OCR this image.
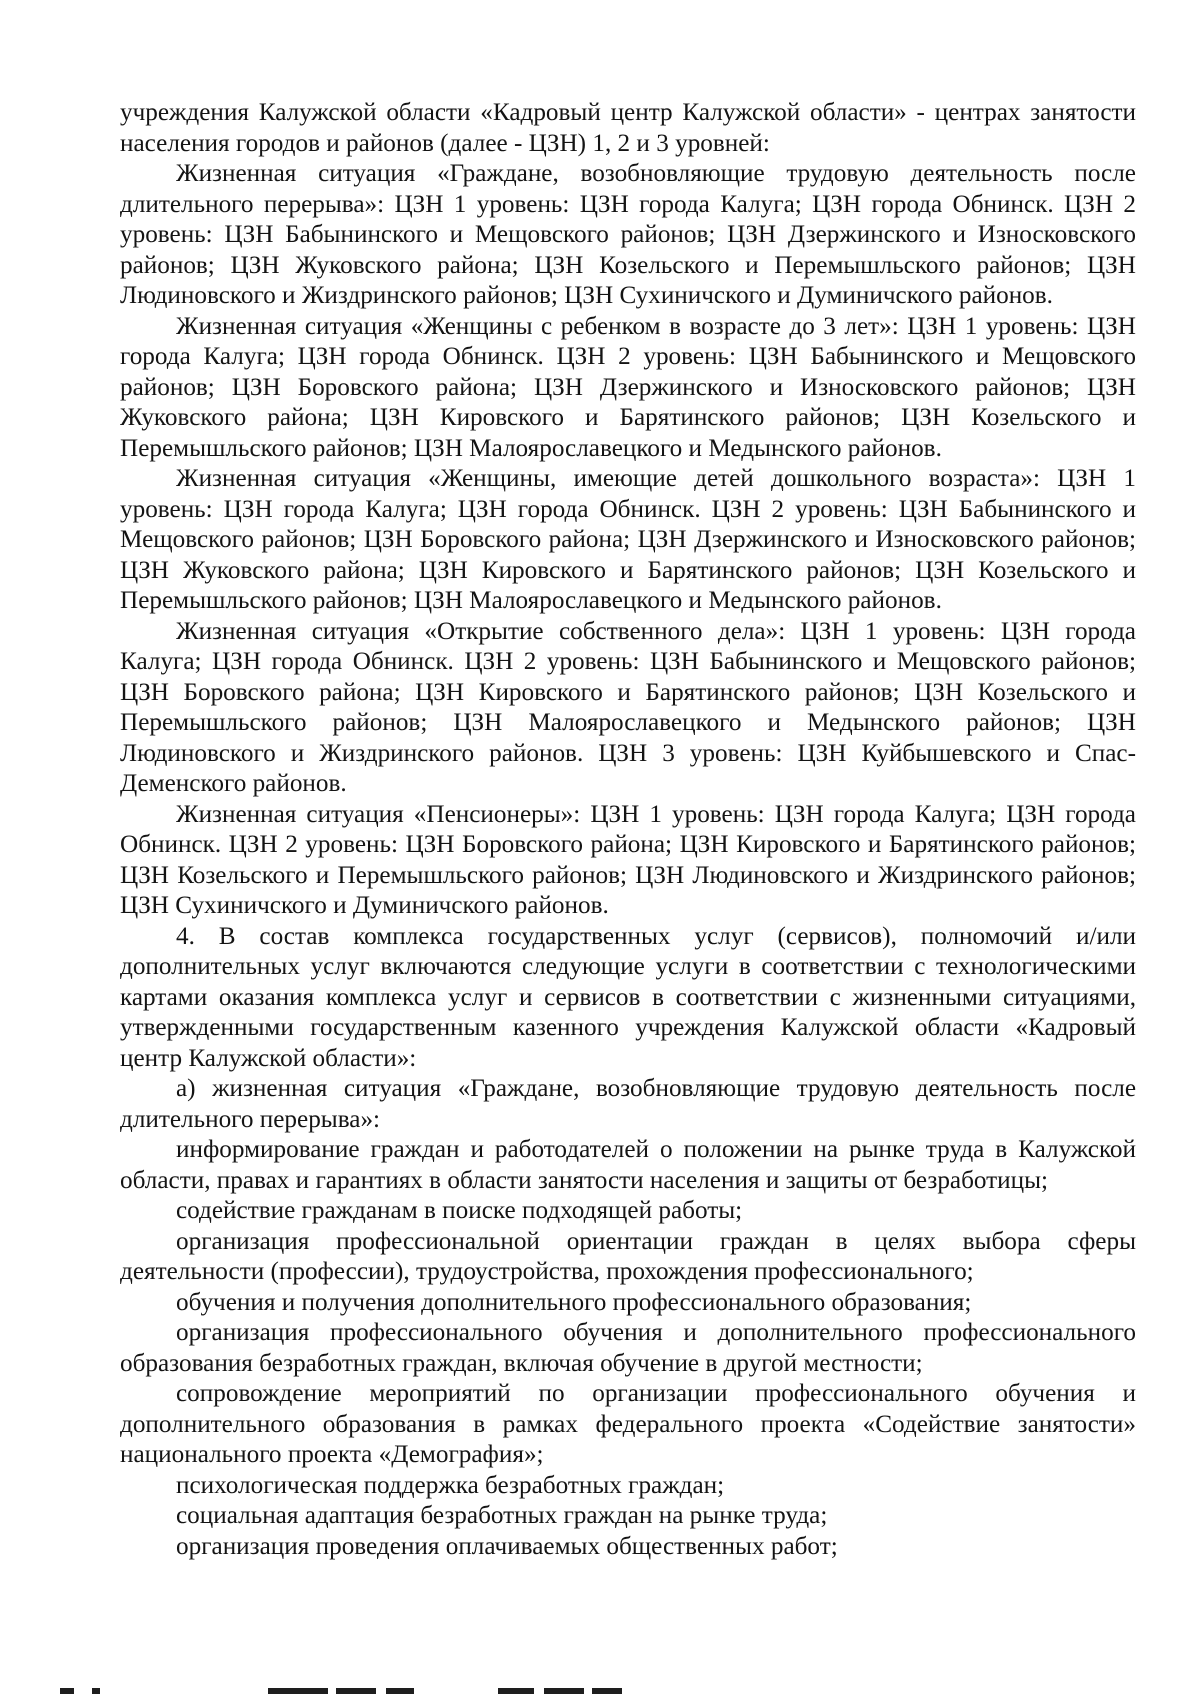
учреждения Калужской области «Кадровый центр Калужской области» - центрах занятости населения городов и районов (далее - ЦЗН) 1, 2 и 3 уровней:

Жизненная ситуация «Граждане, возобновляющие трудовую деятельность после длительного перерыва»: ЦЗН 1 уровень: ЦЗН города Калуга; ЦЗН города Обнинск. ЦЗН 2 уровень: ЦЗН Бабынинского и Мещовского районов; ЦЗН Дзержинского и Износковского районов; ЦЗН Жуковского района; ЦЗН Козельского и Перемышльского районов; ЦЗН Людиновского и Жиздринского районов; ЦЗН Сухиничского и Думиничского районов.

Жизненная ситуация «Женщины с ребенком в возрасте до 3 лет»: ЦЗН 1 уровень: ЦЗН города Калуга; ЦЗН города Обнинск. ЦЗН 2 уровень: ЦЗН Бабынинского и Мещовского районов; ЦЗН Боровского района; ЦЗН Дзержинского и Износковского районов; ЦЗН Жуковского района; ЦЗН Кировского и Барятинского районов; ЦЗН Козельского и Перемышльского районов; ЦЗН Малоярославецкого и Медынского районов.

Жизненная ситуация «Женщины, имеющие детей дошкольного возраста»: ЦЗН 1 уровень: ЦЗН города Калуга; ЦЗН города Обнинск. ЦЗН 2 уровень: ЦЗН Бабынинского и Мещовского районов; ЦЗН Боровского района; ЦЗН Дзержинского и Износковского районов; ЦЗН Жуковского района; ЦЗН Кировского и Барятинского районов; ЦЗН Козельского и Перемышльского районов; ЦЗН Малоярославецкого и Медынского районов.

Жизненная ситуация «Открытие собственного дела»: ЦЗН 1 уровень: ЦЗН города Калуга; ЦЗН города Обнинск. ЦЗН 2 уровень: ЦЗН Бабынинского и Мещовского районов; ЦЗН Боровского района; ЦЗН Кировского и Барятинского районов; ЦЗН Козельского и Перемышльского районов; ЦЗН Малоярославецкого и Медынского районов; ЦЗН Людиновского и Жиздринского районов. ЦЗН 3 уровень: ЦЗН Куйбышевского и Спас-Деменского районов.

Жизненная ситуация «Пенсионеры»: ЦЗН 1 уровень: ЦЗН города Калуга; ЦЗН города Обнинск. ЦЗН 2 уровень: ЦЗН Боровского района; ЦЗН Кировского и Барятинского районов; ЦЗН Козельского и Перемышльского районов; ЦЗН Людиновского и Жиздринского районов; ЦЗН Сухиничского и Думиничского районов.

4. В состав комплекса государственных услуг (сервисов), полномочий и/или дополнительных услуг включаются следующие услуги в соответствии с технологическими картами оказания комплекса услуг и сервисов в соответствии с жизненными ситуациями, утвержденными государственным казенного учреждения Калужской области «Кадровый центр Калужской области»:

а) жизненная ситуация «Граждане, возобновляющие трудовую деятельность после длительного перерыва»:

информирование граждан и работодателей о положении на рынке труда в Калужской области, правах и гарантиях в области занятости населения и защиты от безработицы;

содействие гражданам в поиске подходящей работы;

организация профессиональной ориентации граждан в целях выбора сферы деятельности (профессии), трудоустройства, прохождения профессионального;

обучения и получения дополнительного профессионального образования;

организация профессионального обучения и дополнительного профессионального образования безработных граждан, включая обучение в другой местности;

сопровождение мероприятий по организации профессионального обучения и дополнительного образования в рамках федерального проекта «Содействие занятости» национального проекта «Демография»;

психологическая поддержка безработных граждан;

социальная адаптация безработных граждан на рынке труда;

организация проведения оплачиваемых общественных работ;
